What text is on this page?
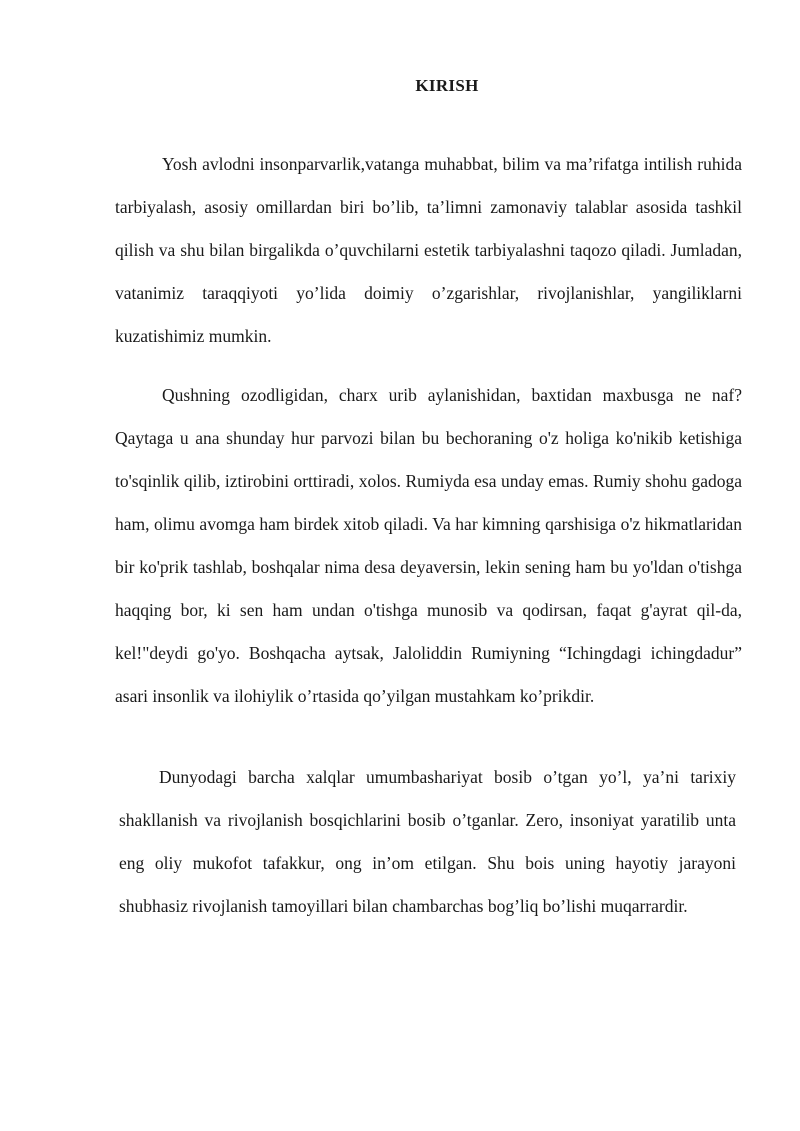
KIRISH

Yosh avlodni insonparvarlik,vatanga muhabbat, bilim va ma’rifatga intilish ruhida tarbiyalash, asosiy omillardan biri bo’lib, ta’limni zamonaviy talablar asosida tashkil qilish va shu bilan birgalikda o’quvchilarni estetik tarbiyalashni taqozo qiladi. Jumladan, vatanimiz taraqqiyoti yo’lida doimiy o’zgarishlar, rivojlanishlar, yangiliklarni kuzatishimiz mumkin.

Qushning ozodligidan, charx urib aylanishidan, baxtidan maxbusga ne naf? Qaytaga u ana shunday hur parvozi bilan bu bechoraning o'z holiga ko'nikib ketishiga to'sqinlik qilib, iztirobini orttiradi, xolos. Rumiyda esa unday emas. Rumiy shohu gadoga ham, olimu avomga ham birdek xitob qiladi. Va har kimning qarshisiga o'z hikmatlaridan bir ko'prik tashlab, boshqalar nima desa deyaversin, lekin sening ham bu yo'ldan o'tishga haqqing bor, ki sen ham undan o'tishga munosib va qodirsan, faqat g'ayrat qil-da, kel!"deydi go'yo. Boshqacha aytsak, Jaloliddin Rumiyning “Ichingdagi ichingdadur” asari insonlik va ilohiylik o’rtasida qo’yilgan mustahkam ko’prikdir.

Dunyodagi barcha xalqlar umumbashariyat bosib o’tgan yo’l, ya’ni tarixiy shakllanish va rivojlanish bosqichlarini bosib o’tganlar. Zero, insoniyat yaratilib unta eng oliy mukofot tafakkur, ong in’om etilgan. Shu bois uning hayotiy jarayoni shubhasiz rivojlanish tamoyillari bilan chambarchas bog’liq bo’lishi muqarrardir.
